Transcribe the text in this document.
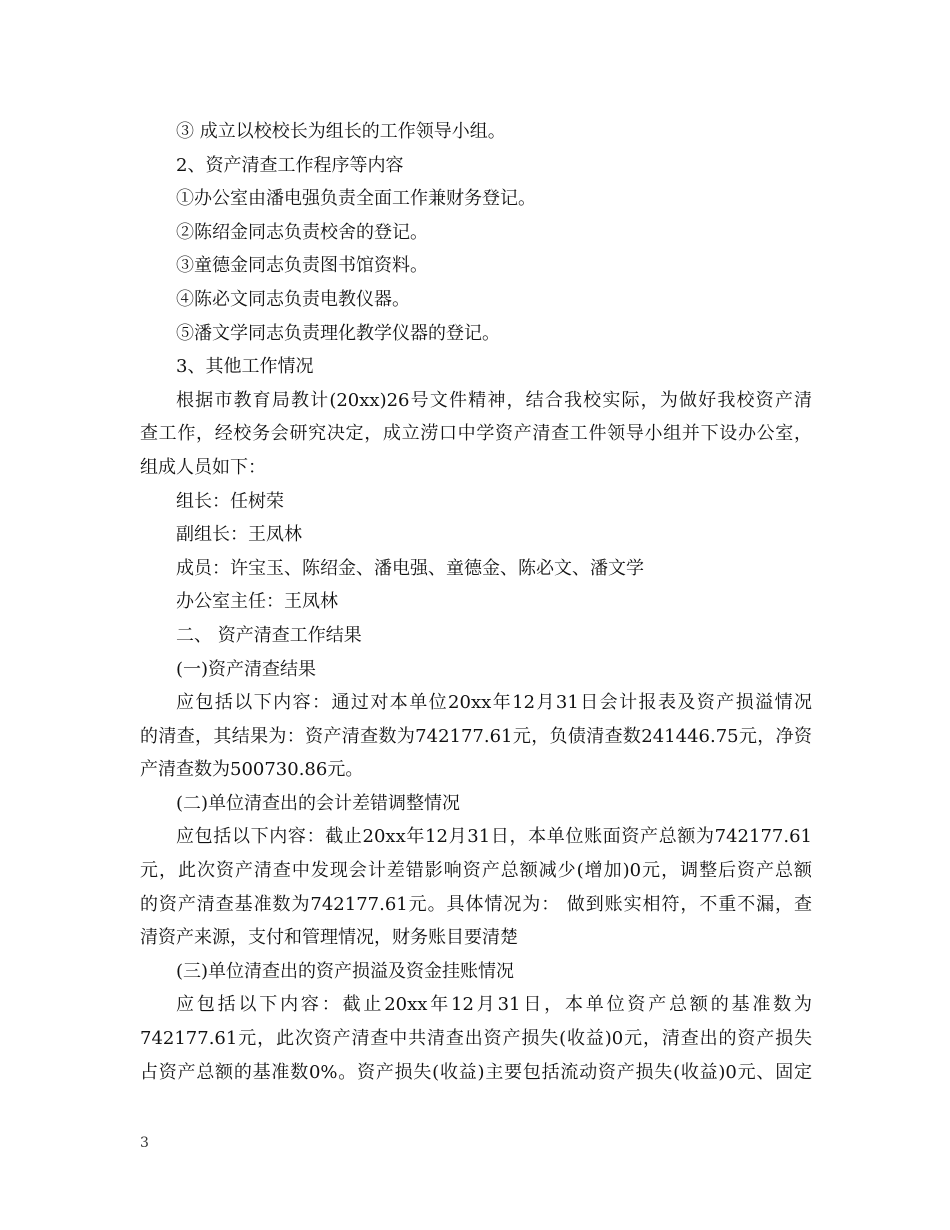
③ 成立以校校长为组长的工作领导小组。
2、资产清查工作程序等内容
①办公室由潘电强负责全面工作兼财务登记。
②陈绍金同志负责校舍的登记。
③童德金同志负责图书馆资料。
④陈必文同志负责电教仪器。
⑤潘文学同志负责理化教学仪器的登记。
3、其他工作情况
根据市教育局教计(20xx)26号文件精神，结合我校实际，为做好我校资产清
查工作，经校务会研究决定，成立涝口中学资产清查工件领导小组并下设办公室，
组成人员如下：
组长：任树荣
副组长：王凤林
成员：许宝玉、陈绍金、潘电强、童德金、陈必文、潘文学
办公室主任：王凤林
二、 资产清查工作结果
(一)资产清查结果
应包括以下内容：通过对本单位20xx年12月31日会计报表及资产损溢情况
的清查，其结果为：资产清查数为742177.61元，负债清查数241446.75元，净资
产清查数为500730.86元。
(二)单位清查出的会计差错调整情况
应包括以下内容：截止20xx年12月31日，本单位账面资产总额为742177.61
元，此次资产清查中发现会计差错影响资产总额减少(增加)0元，调整后资产总额
的资产清查基准数为742177.61元。具体情况为： 做到账实相符，不重不漏，查
清资产来源，支付和管理情况，财务账目要清楚
(三)单位清查出的资产损溢及资金挂账情况
应包括以下内容：截止20xx年12月31日，本单位资产总额的基准数为
742177.61元，此次资产清查中共清查出资产损失(收益)0元，清查出的资产损失
占资产总额的基准数0%。资产损失(收益)主要包括流动资产损失(收益)0元、固定
3
